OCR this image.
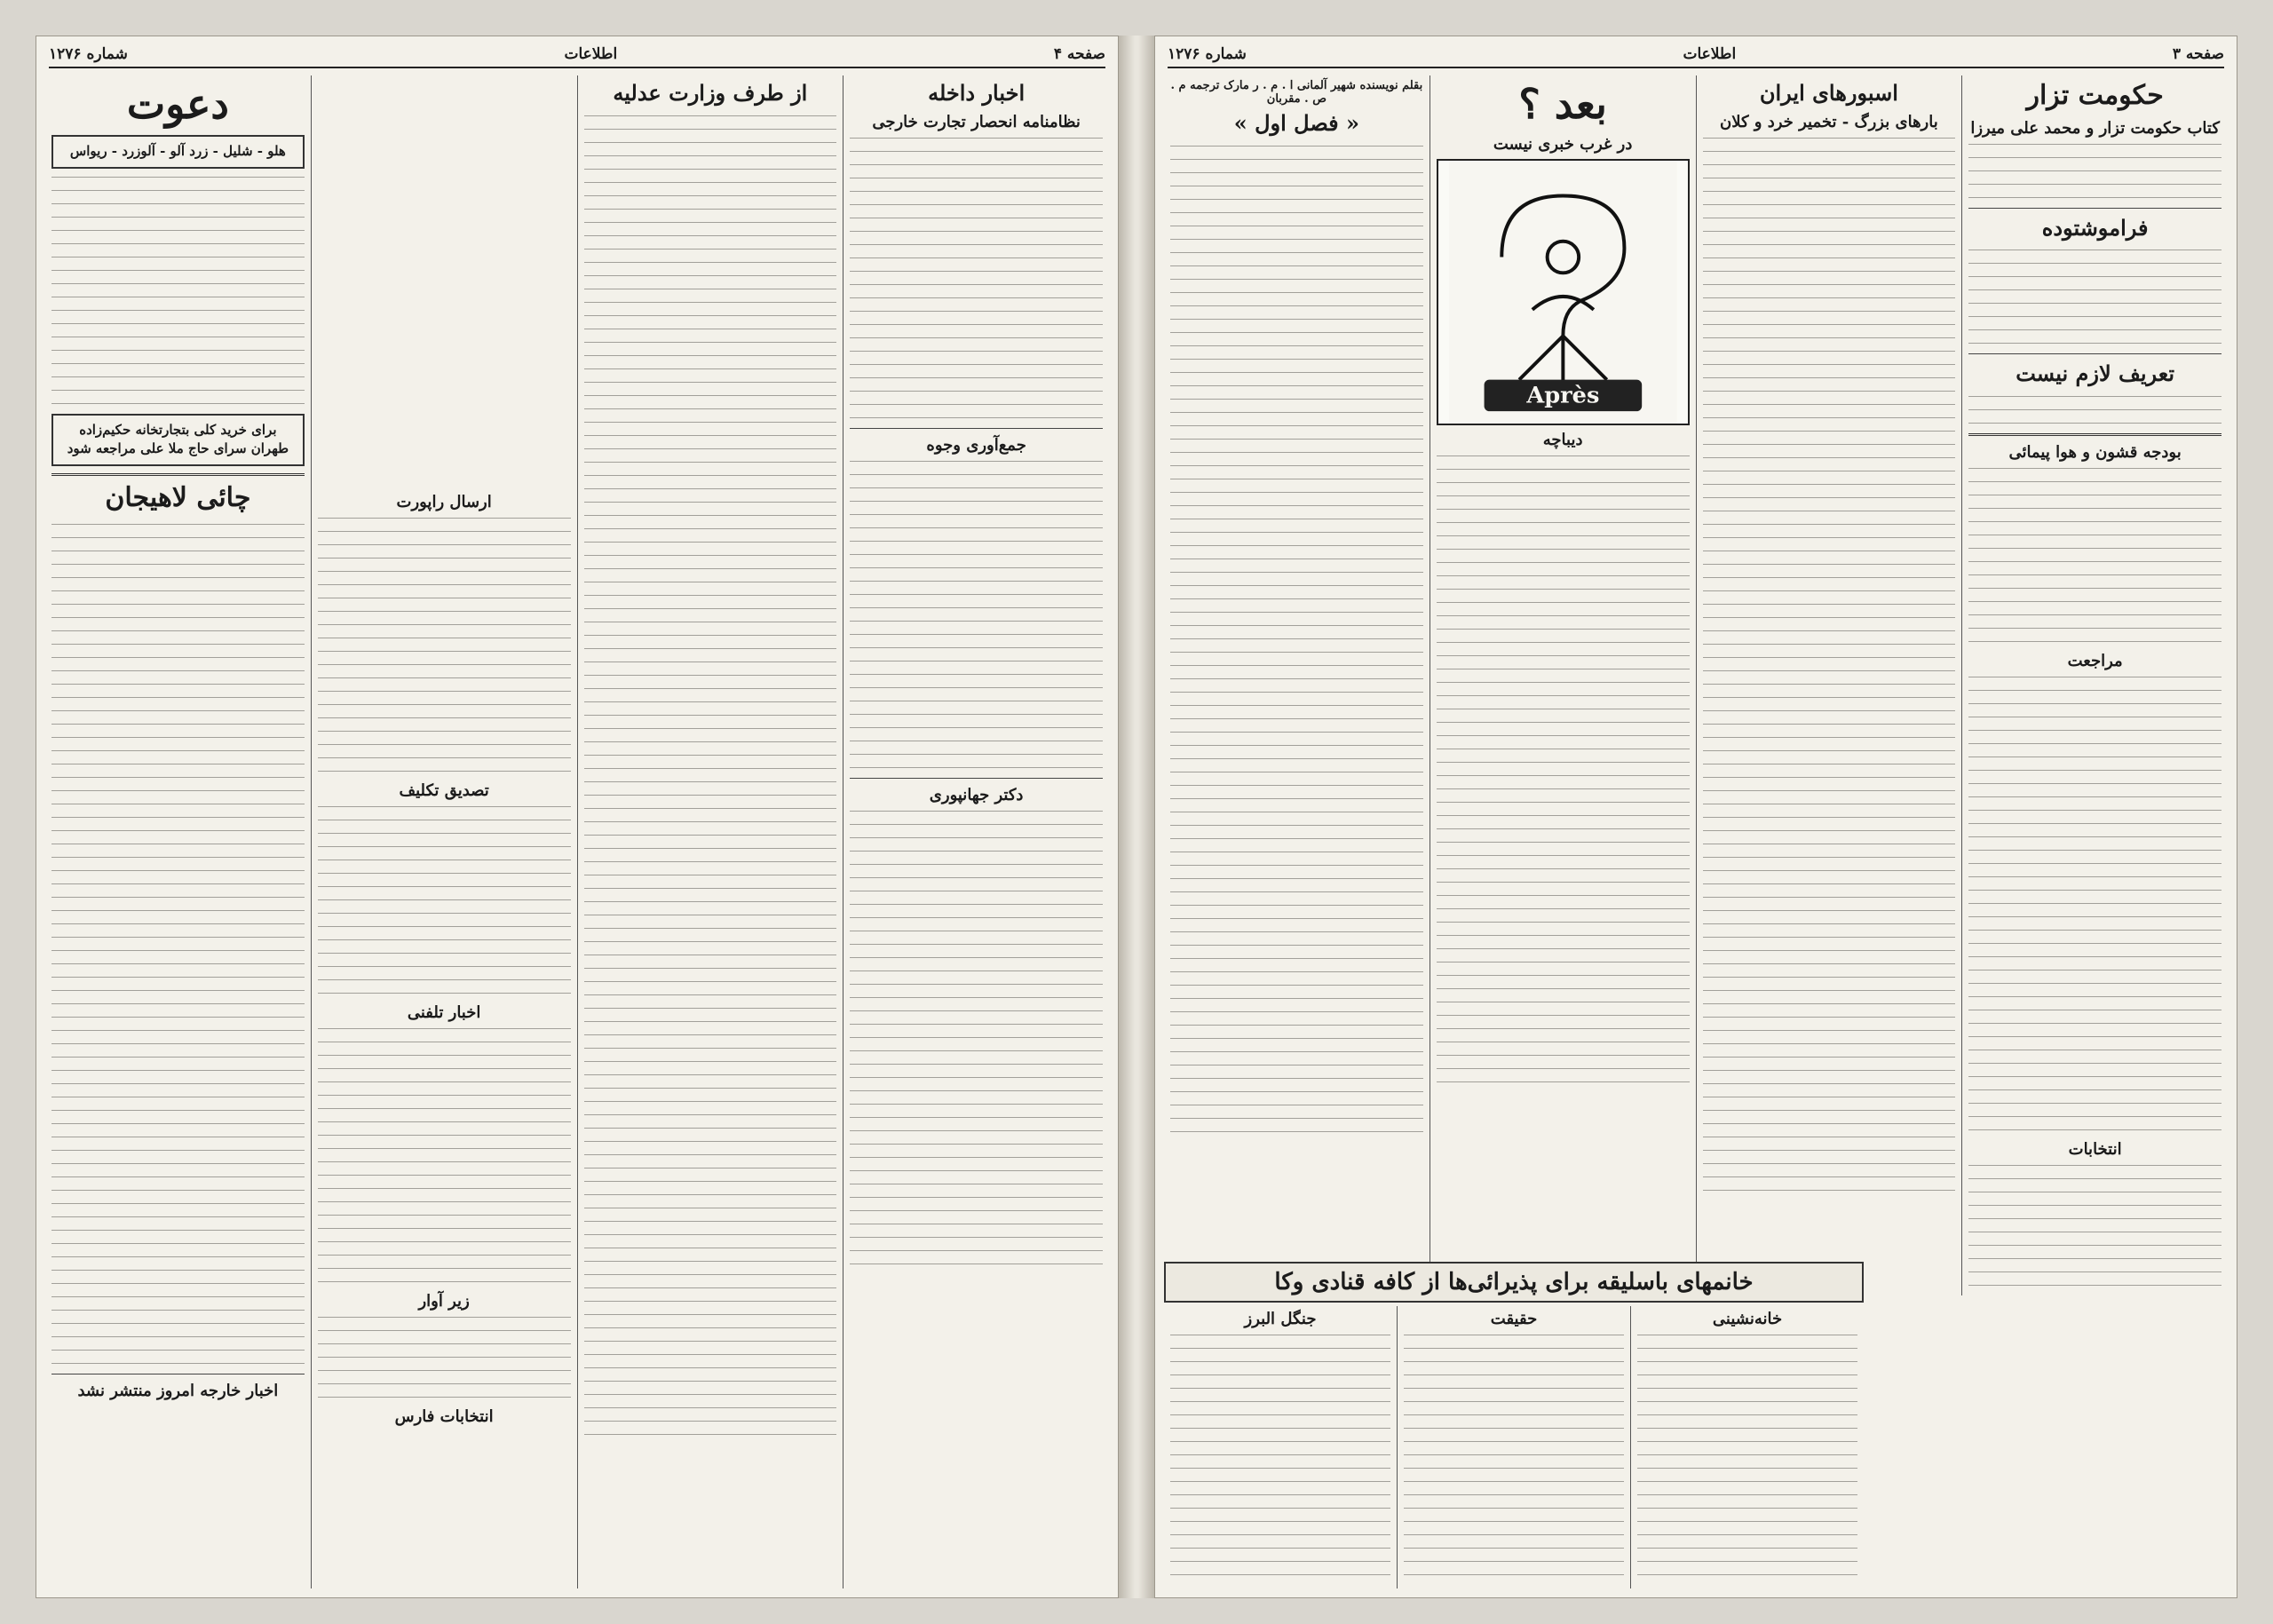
صفحه ۴
اطلاعات
شماره ۱۲۷۶
اخبار داخله
نظامنامه انحصار تجارت خارجی
جمع‌آوری وجوه
دکتر جهانپوری
از طرف وزارت عدلیه
ارسال راپورت
تصدیق تکلیف
اخبار تلفنی
زیر آوار
انتخابات فارس
دعوت
هلو - شلیل - زرد آلو - آلوزرد - ریواس
برای خرید کلی بتجارتخانه حکیم‌زاده طهران سرای حاج ملا علی مراجعه شود
چائی لاهیجان
اخبار خارجه امروز منتشر نشد
صفحه ۳
اطلاعات
شماره ۱۲۷۶
حکومت تزار
کتاب حکومت تزار و محمد علی میرزا
فراموشتوده
تعریف لازم نیست
بودجه قشون و هوا پیمائی
مراجعت
انتخابات
اسبورهای ایران
بارهای بزرگ - تخمیر خرد و کلان
بعد ؟
در غرب خبری نیست
Après
دیباچه
بقلم نویسنده شهیر آلمانی ا . م . ر مارک ترجمه م . ص . مقربان
« فصل اول »
خانمهای باسلیقه برای پذیرائی‌ها از کافه قنادی وکا
خانه‌نشینی
حقیقت
جنگل البرز
